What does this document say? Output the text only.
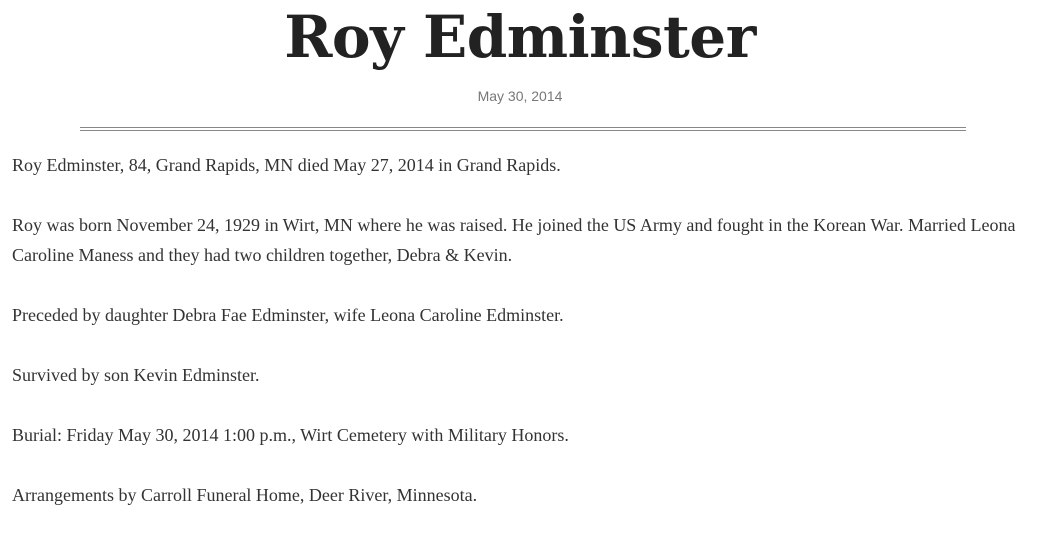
Roy Edminster
May 30, 2014

Roy Edminster, 84, Grand Rapids, MN died May 27, 2014 in Grand Rapids.

Roy was born November 24, 1929 in Wirt, MN where he was raised. He joined the US Army and fought in the Korean War. Married Leona Caroline Maness and they had two children together, Debra & Kevin.

Preceded by daughter Debra Fae Edminster, wife Leona Caroline Edminster.

Survived by son Kevin Edminster.

Burial: Friday May 30, 2014 1:00 p.m., Wirt Cemetery with Military Honors.

Arrangements by Carroll Funeral Home, Deer River, Minnesota.
